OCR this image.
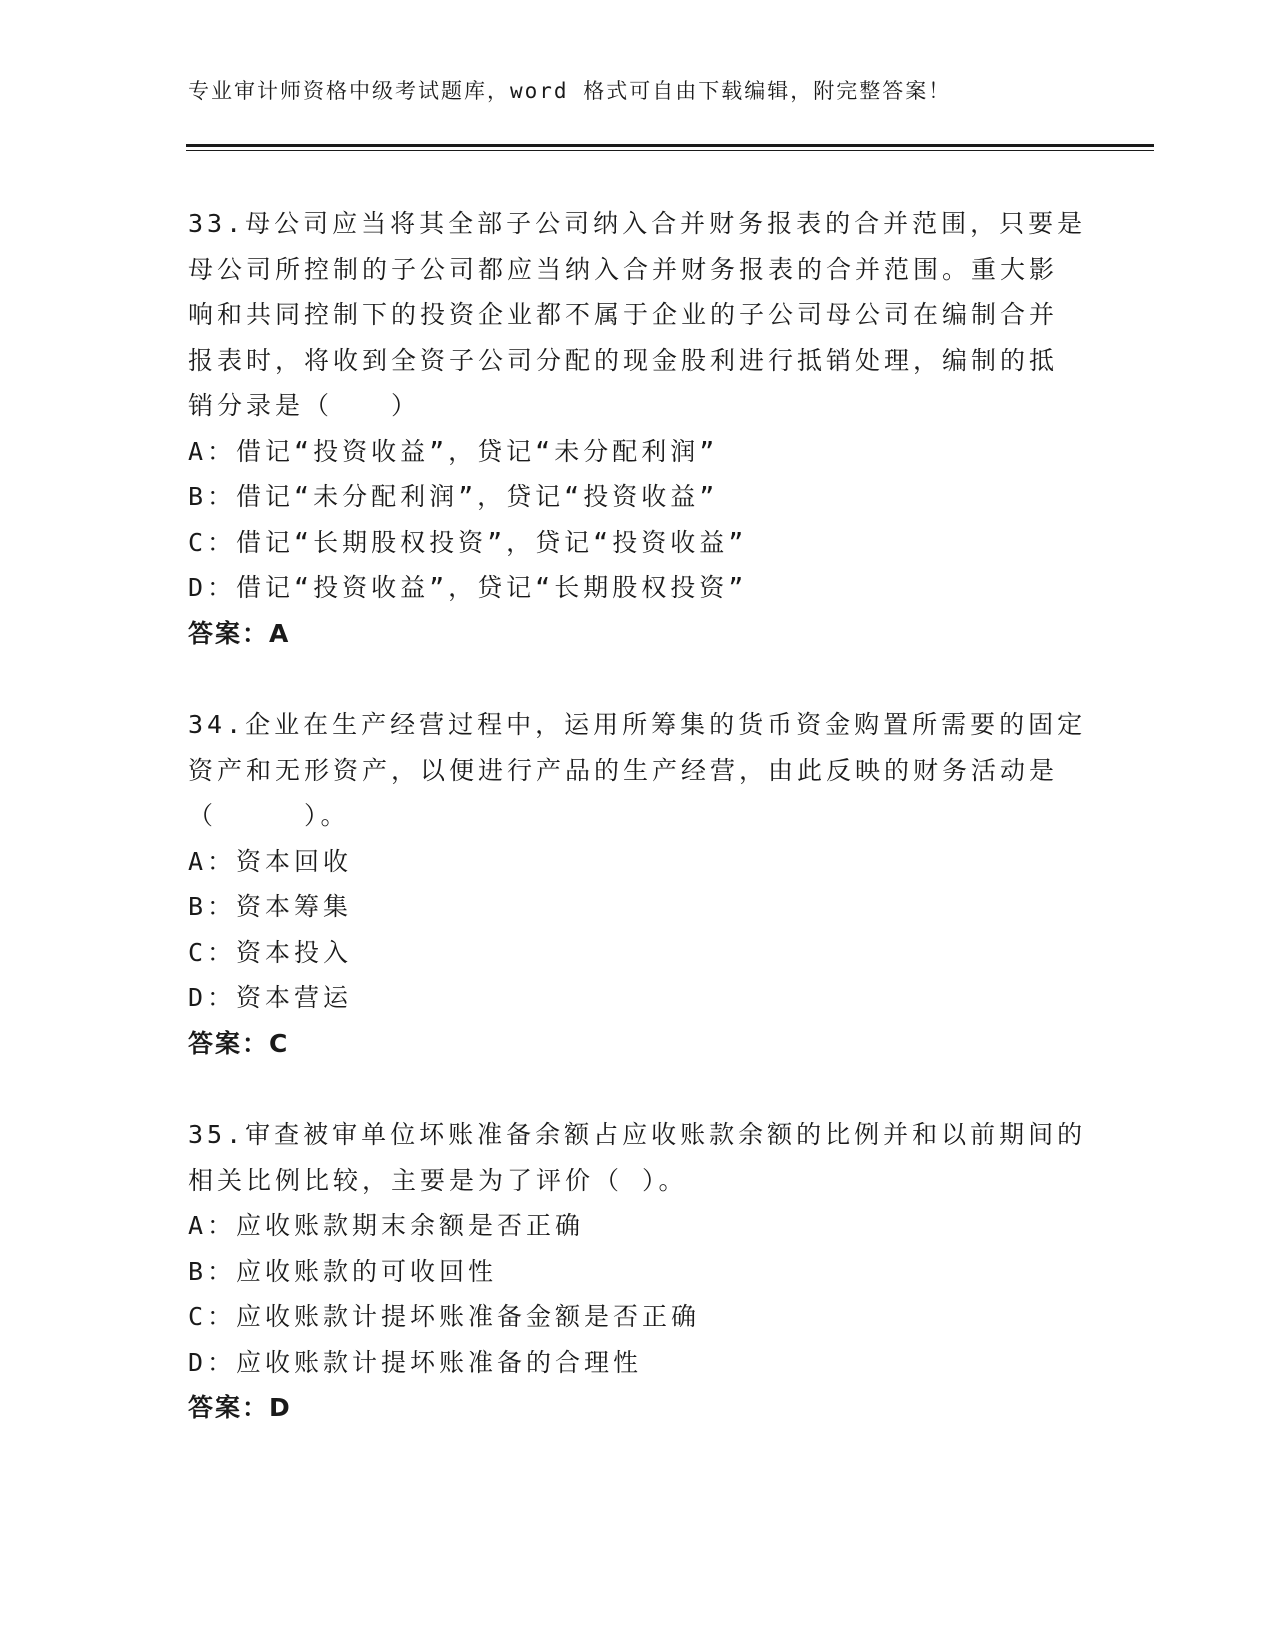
专业审计师资格中级考试题库，word 格式可自由下载编辑，附完整答案！
33.母公司应当将其全部子公司纳入合并财务报表的合并范围，只要是
母公司所控制的子公司都应当纳入合并财务报表的合并范围。重大影
响和共同控制下的投资企业都不属于企业的子公司母公司在编制合并
报表时，将收到全资子公司分配的现金股利进行抵销处理，编制的抵
销分录是（　　）
A：借记“投资收益”，贷记“未分配利润”
B：借记“未分配利润”，贷记“投资收益”
C：借记“长期股权投资”，贷记“投资收益”
D：借记“投资收益”，贷记“长期股权投资”
答案：A
34.企业在生产经营过程中，运用所筹集的货币资金购置所需要的固定
资产和无形资产，以便进行产品的生产经营，由此反映的财务活动是
（　　　）。
A：资本回收
B：资本筹集
C：资本投入
D：资本营运
答案：C
35.审查被审单位坏账准备余额占应收账款余额的比例并和以前期间的
相关比例比较，主要是为了评价（ ）。
A：应收账款期末余额是否正确
B：应收账款的可收回性
C：应收账款计提坏账准备金额是否正确
D：应收账款计提坏账准备的合理性
答案：D
